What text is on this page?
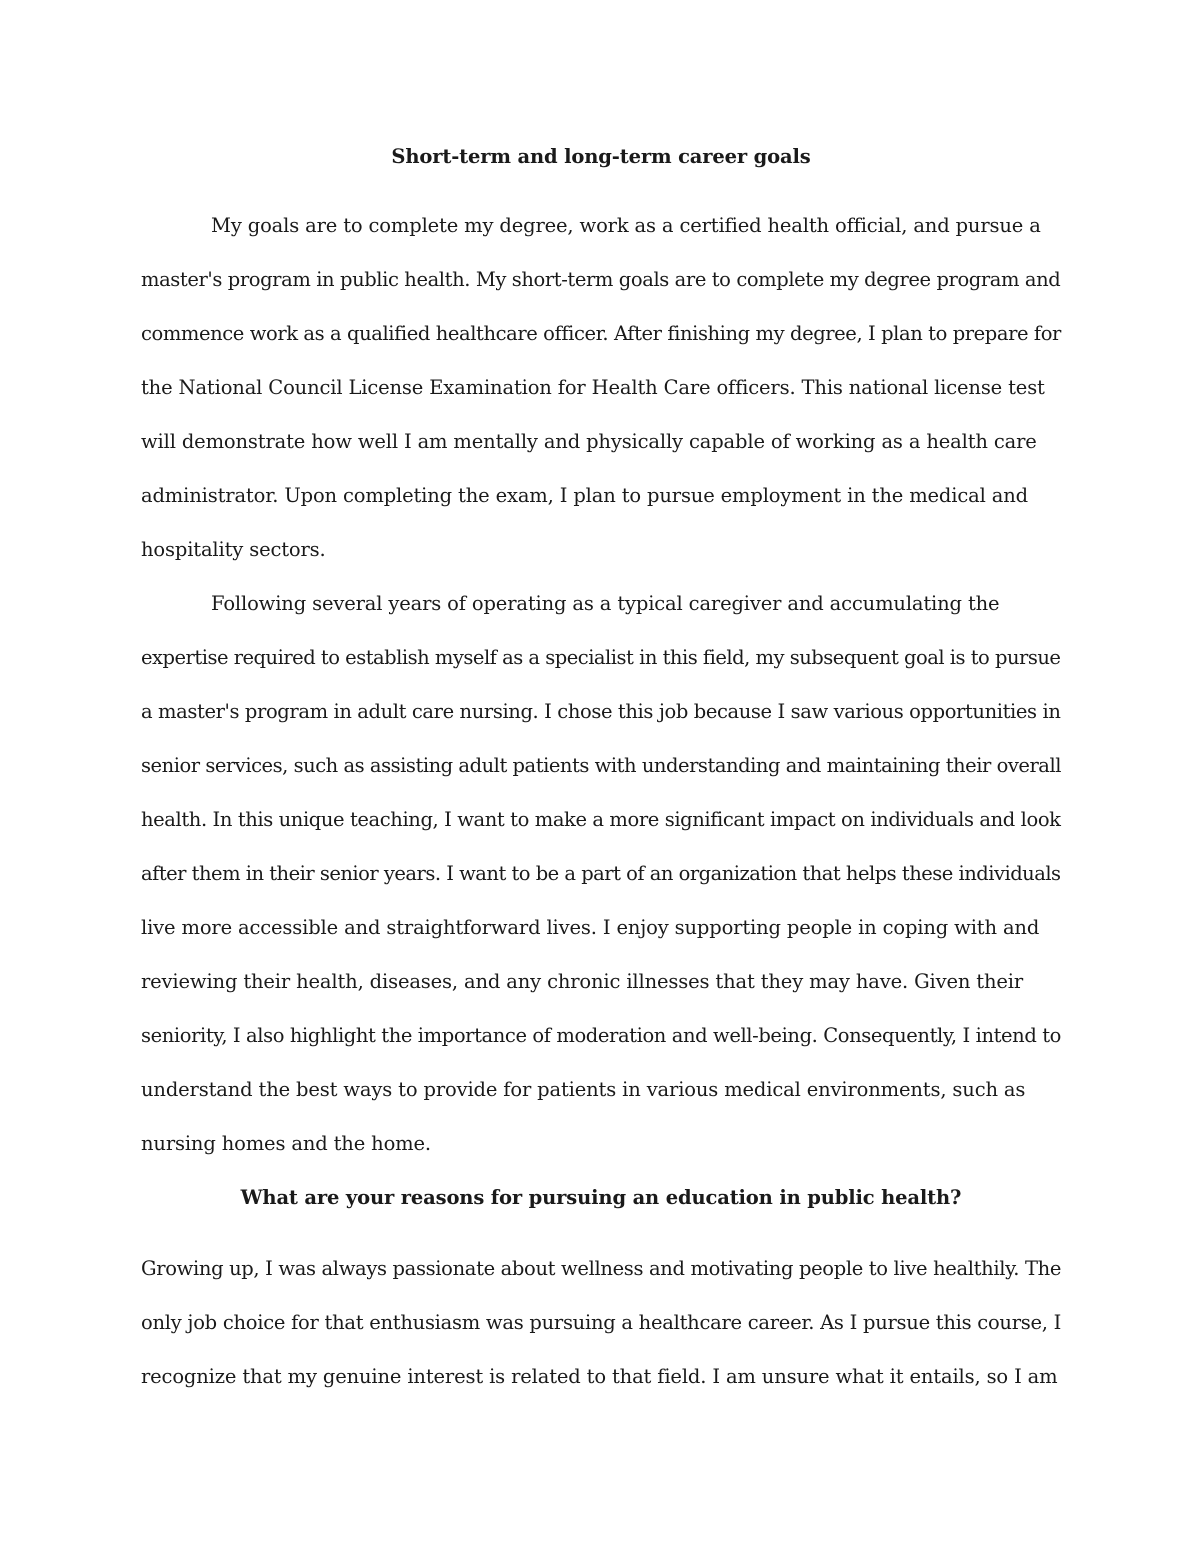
Short-term and long-term career goals
My goals are to complete my degree, work as a certified health official, and pursue a
master's program in public health. My short-term goals are to complete my degree program and
commence work as a qualified healthcare officer. After finishing my degree, I plan to prepare for
the National Council License Examination for Health Care officers. This national license test
will demonstrate how well I am mentally and physically capable of working as a health care
administrator. Upon completing the exam, I plan to pursue employment in the medical and
hospitality sectors.
Following several years of operating as a typical caregiver and accumulating the
expertise required to establish myself as a specialist in this field, my subsequent goal is to pursue
a master's program in adult care nursing. I chose this job because I saw various opportunities in
senior services, such as assisting adult patients with understanding and maintaining their overall
health. In this unique teaching, I want to make a more significant impact on individuals and look
after them in their senior years. I want to be a part of an organization that helps these individuals
live more accessible and straightforward lives. I enjoy supporting people in coping with and
reviewing their health, diseases, and any chronic illnesses that they may have. Given their
seniority, I also highlight the importance of moderation and well-being. Consequently, I intend to
understand the best ways to provide for patients in various medical environments, such as
nursing homes and the home.
What are your reasons for pursuing an education in public health?
Growing up, I was always passionate about wellness and motivating people to live healthily. The
only job choice for that enthusiasm was pursuing a healthcare career. As I pursue this course, I
recognize that my genuine interest is related to that field. I am unsure what it entails, so I am
